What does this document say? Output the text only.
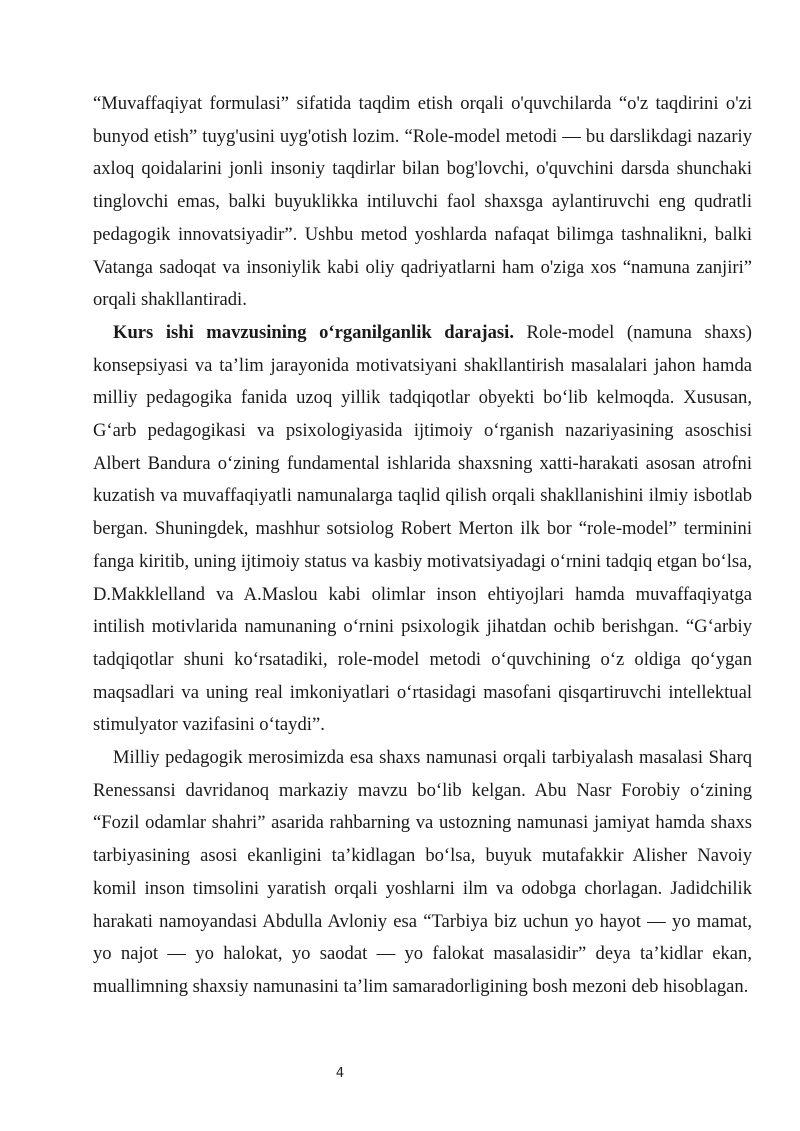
“Muvaffaqiyat formulasi” sifatida taqdim etish orqali o'quvchilarda “o'z taqdirini o'zi bunyod etish” tuyg'usini uyg'otish lozim. “Role-model metodi — bu darslikdagi nazariy axloq qoidalarini jonli insoniy taqdirlar bilan bog'lovchi, o'quvchini darsda shunchaki tinglovchi emas, balki buyuklikka intiluvchi faol shaxsga aylantiruvchi eng qudratli pedagogik innovatsiyadir”. Ushbu metod yoshlarda nafaqat bilimga tashnalikni, balki Vatanga sadoqat va insoniylik kabi oliy qadriyatlarni ham o'ziga xos “namuna zanjiri” orqali shakllantiradi.

Kurs ishi mavzusining o‘rganilganlik darajasi. Role-model (namuna shaxs) konsepsiyasi va ta’lim jarayonida motivatsiyani shakllantirish masalalari jahon hamda milliy pedagogika fanida uzoq yillik tadqiqotlar obyekti bo‘lib kelmoqda. Xususan, G‘arb pedagogikasi va psixologiyasida ijtimoiy o‘rganish nazariyasining asoschisi Albert Bandura o‘zining fundamental ishlarida shaxsning xatti-harakati asosan atrofni kuzatish va muvaffaqiyatli namunalarga taqlid qilish orqali shakllanishini ilmiy isbotlab bergan. Shuningdek, mashhur sotsiolog Robert Merton ilk bor “role-model” terminini fanga kiritib, uning ijtimoiy status va kasbiy motivatsiyadagi o‘rnini tadqiq etgan bo‘lsa, D.Makklelland va A.Maslou kabi olimlar inson ehtiyojlari hamda muvaffaqiyatga intilish motivlarida namunaning o‘rnini psixologik jihatdan ochib berishgan. “G‘arbiy tadqiqotlar shuni ko‘rsatadiki, role-model metodi o‘quvchining o‘z oldiga qo‘ygan maqsadlari va uning real imkoniyatlari o‘rtasidagi masofani qisqartiruvchi intellektual stimulyator vazifasini o‘taydi”.

Milliy pedagogik merosimizda esa shaxs namunasi orqali tarbiyalash masalasi Sharq Renessansi davridanoq markaziy mavzu bo‘lib kelgan. Abu Nasr Forobiy o‘zining “Fozil odamlar shahri” asarida rahbarning va ustozning namunasi jamiyat hamda shaxs tarbiyasining asosi ekanligini ta’kidlagan bo‘lsa, buyuk mutafakkir Alisher Navoiy komil inson timsolini yaratish orqali yoshlarni ilm va odobga chorlagan. Jadidchilik harakati namoyandasi Abdulla Avloniy esa “Tarbiya biz uchun yo hayot — yo mamat, yo najot — yo halokat, yo saodat — yo falokat masalasidir” deya ta’kidlar ekan, muallimning shaxsiy namunasini ta’lim samaradorligining bosh mezoni deb hisoblagan.

4
